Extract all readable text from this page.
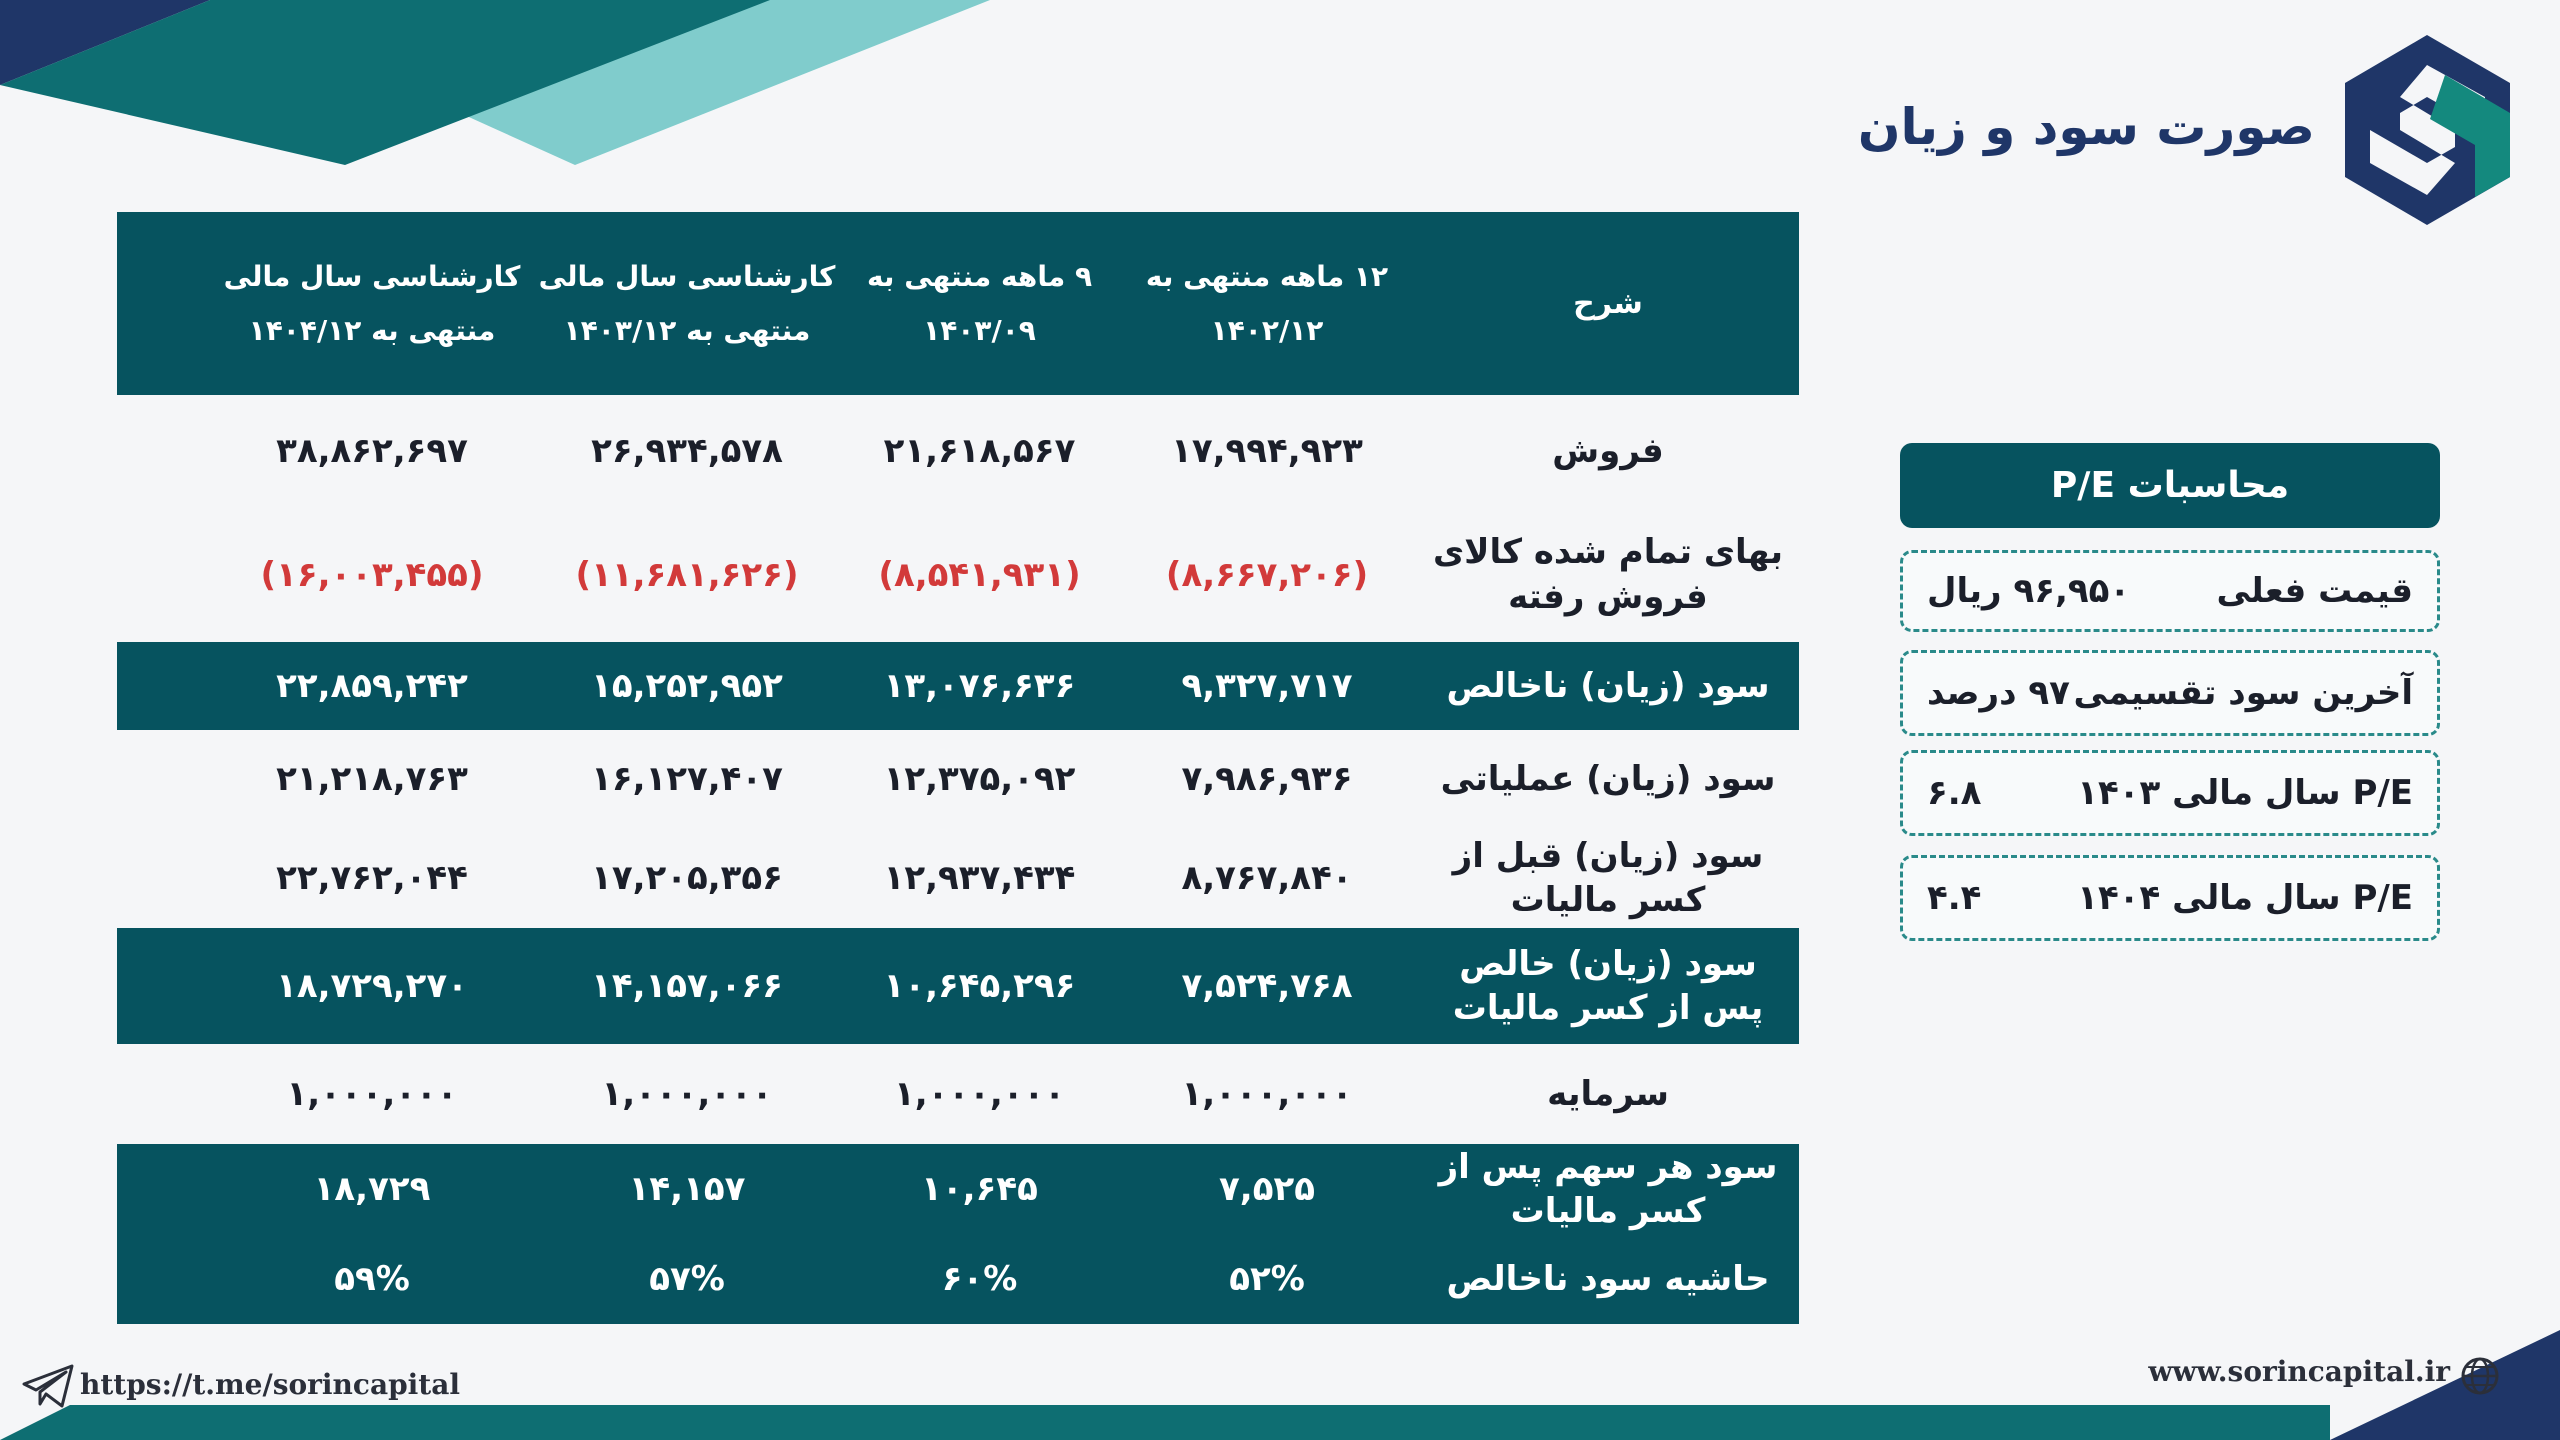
صورت سود و زیان
شرح
۱۲ ماهه منتهی به
۱۴۰۲/۱۲
۹ ماهه منتهی به
۱۴۰۳/۰۹
کارشناسی سال مالی
منتهی به ۱۴۰۳/۱۲
کارشناسی سال مالی
منتهی به ۱۴۰۴/۱۲
فروش
۱۷,۹۹۴,۹۲۳
۲۱,۶۱۸,۵۶۷
۲۶,۹۳۴,۵۷۸
۳۸,۸۶۲,۶۹۷
بهای تمام شده کالای فروش رفته
(۸,۶۶۷,۲۰۶)
(۸,۵۴۱,۹۳۱)
(۱۱,۶۸۱,۶۲۶)
(۱۶,۰۰۳,۴۵۵)
سود (زیان) ناخالص
۹,۳۲۷,۷۱۷
۱۳,۰۷۶,۶۳۶
۱۵,۲۵۲,۹۵۲
۲۲,۸۵۹,۲۴۲
سود (زیان) عملیاتی
۷,۹۸۶,۹۳۶
۱۲,۳۷۵,۰۹۲
۱۶,۱۲۷,۴۰۷
۲۱,۲۱۸,۷۶۳
سود (زیان) قبل از کسر مالیات
۸,۷۶۷,۸۴۰
۱۲,۹۳۷,۴۳۴
۱۷,۲۰۵,۳۵۶
۲۲,۷۶۲,۰۴۴
سود (زیان) خالص پس از کسر مالیات
۷,۵۲۴,۷۶۸
۱۰,۶۴۵,۲۹۶
۱۴,۱۵۷,۰۶۶
۱۸,۷۲۹,۲۷۰
سرمایه
۱,۰۰۰,۰۰۰
۱,۰۰۰,۰۰۰
۱,۰۰۰,۰۰۰
۱,۰۰۰,۰۰۰
سود هر سهم پس از کسر مالیات
۷,۵۲۵
۱۰,۶۴۵
۱۴,۱۵۷
۱۸,۷۲۹
حاشیه سود ناخالص
۵۲%
۶۰%
۵۷%
۵۹%
محاسبات P/E
قیمت فعلی
۹۶,۹۵۰ ریال
آخرین سود تقسیمی
۹۷ درصد
P/E سال مالی ۱۴۰۳
۶.۸
P/E سال مالی ۱۴۰۴
۴.۴
https://t.me/sorincapital	www.sorincapital.ir
